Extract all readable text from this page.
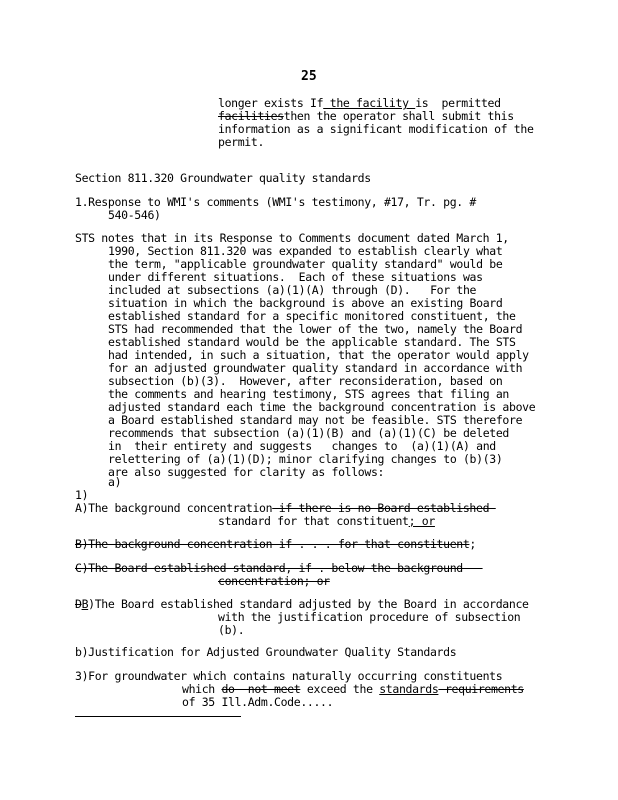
25
longer exists If the facility is  permitted
facilitiesthen the operator shall submit this
information as a significant modification of the
permit.
Section 811.320 Groundwater quality standards
1.Response to WMI's comments (WMI's testimony, #17, Tr. pg. #
540-546)
STS notes that in its Response to Comments document dated March 1,
1990, Section 811.320 was expanded to establish clearly what
the term, "applicable groundwater quality standard" would be
under different situations.  Each of these situations was
included at subsections (a)(1)(A) through (D).   For the
situation in which the background is above an existing Board
established standard for a specific monitored constituent, the
STS had recommended that the lower of the two, namely the Board
established standard would be the applicable standard. The STS
had intended, in such a situation, that the operator would apply
for an adjusted groundwater quality standard in accordance with
subsection (b)(3).  However, after reconsideration, based on
the comments and hearing testimony, STS agrees that filing an
adjusted standard each time the background concentration is above
a Board established standard may not be feasible. STS therefore
recommends that subsection (a)(1)(B) and (a)(1)(C) be deleted
in  their entirety and suggests   changes to  (a)(1)(A) and
relettering of (a)(1)(D); minor clarifying changes to (b)(3)
are also suggested for clarity as follows:
a)
1)
A)The background concentration if there is no Board established
standard for that constituent; or
B)The background concentration if . . . for that constituent;
C)The Board established standard, if . below the background
concentration; or
DB)The Board established standard adjusted by the Board in accordance
with the justification procedure of subsection
(b).
b)Justification for Adjusted Groundwater Quality Standards
3)For groundwater which contains naturally occurring constituents
which do  not meet exceed the standards requirements
of 35 Ill.Adm.Code.....
